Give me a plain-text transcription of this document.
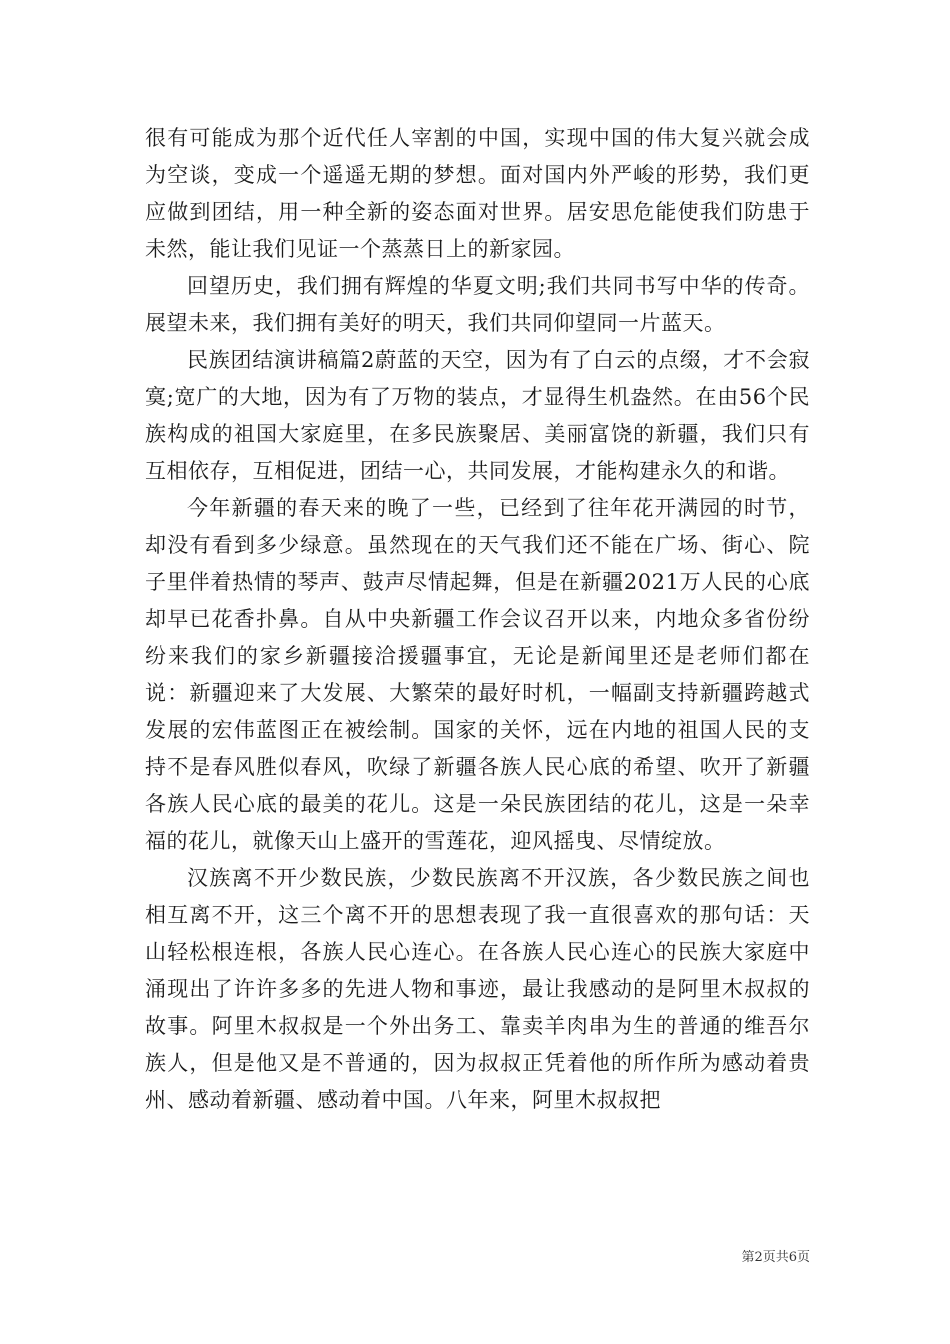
很有可能成为那个近代任人宰割的中国，实现中国的伟大复兴就会成为空谈，变成一个遥遥无期的梦想。面对国内外严峻的形势，我们更应做到团结，用一种全新的姿态面对世界。居安思危能使我们防患于未然，能让我们见证一个蒸蒸日上的新家园。

回望历史，我们拥有辉煌的华夏文明;我们共同书写中华的传奇。展望未来，我们拥有美好的明天，我们共同仰望同一片蓝天。

民族团结演讲稿篇2蔚蓝的天空，因为有了白云的点缀，才不会寂寞;宽广的大地，因为有了万物的装点，才显得生机盎然。在由56个民族构成的祖国大家庭里，在多民族聚居、美丽富饶的新疆，我们只有互相依存，互相促进，团结一心，共同发展，才能构建永久的和谐。

今年新疆的春天来的晚了一些，已经到了往年花开满园的时节，却没有看到多少绿意。虽然现在的天气我们还不能在广场、街心、院子里伴着热情的琴声、鼓声尽情起舞，但是在新疆2021万人民的心底却早已花香扑鼻。自从中央新疆工作会议召开以来，内地众多省份纷纷来我们的家乡新疆接洽援疆事宜，无论是新闻里还是老师们都在说：新疆迎来了大发展、大繁荣的最好时机，一幅副支持新疆跨越式发展的宏伟蓝图正在被绘制。国家的关怀，远在内地的祖国人民的支持不是春风胜似春风，吹绿了新疆各族人民心底的希望、吹开了新疆各族人民心底的最美的花儿。这是一朵民族团结的花儿，这是一朵幸福的花儿，就像天山上盛开的雪莲花，迎风摇曳、尽情绽放。

汉族离不开少数民族，少数民族离不开汉族，各少数民族之间也相互离不开，这三个离不开的思想表现了我一直很喜欢的那句话：天山轻松根连根，各族人民心连心。在各族人民心连心的民族大家庭中涌现出了许许多多的先进人物和事迹，最让我感动的是阿里木叔叔的故事。阿里木叔叔是一个外出务工、靠卖羊肉串为生的普通的维吾尔族人，但是他又是不普通的，因为叔叔正凭着他的所作所为感动着贵州、感动着新疆、感动着中国。八年来，阿里木叔叔把

第2页共6页
